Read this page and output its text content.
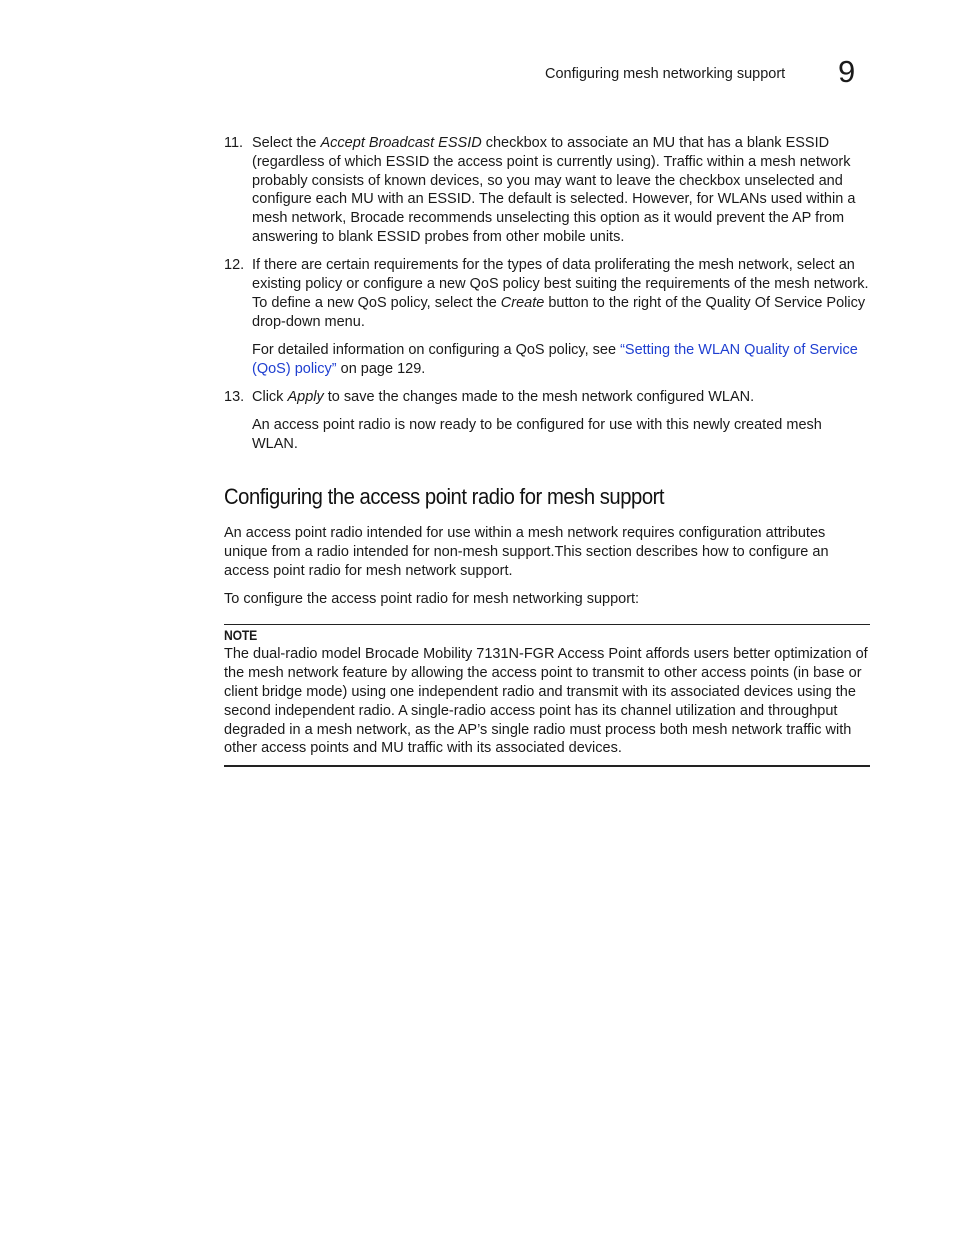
Configuring mesh networking support 9
11. Select the Accept Broadcast ESSID checkbox to associate an MU that has a blank ESSID (regardless of which ESSID the access point is currently using). Traffic within a mesh network probably consists of known devices, so you may want to leave the checkbox unselected and configure each MU with an ESSID. The default is selected. However, for WLANs used within a mesh network, Brocade recommends unselecting this option as it would prevent the AP from answering to blank ESSID probes from other mobile units.
12. If there are certain requirements for the types of data proliferating the mesh network, select an existing policy or configure a new QoS policy best suiting the requirements of the mesh network. To define a new QoS policy, select the Create button to the right of the Quality Of Service Policy drop-down menu.

For detailed information on configuring a QoS policy, see “Setting the WLAN Quality of Service (QoS) policy” on page 129.

13. Click Apply to save the changes made to the mesh network configured WLAN.

An access point radio is now ready to be configured for use with this newly created mesh WLAN.

Configuring the access point radio for mesh support

An access point radio intended for use within a mesh network requires configuration attributes unique from a radio intended for non-mesh support.This section describes how to configure an access point radio for mesh network support.

To configure the access point radio for mesh networking support:

NOTE

The dual-radio model Brocade Mobility 7131N-FGR Access Point affords users better optimization of the mesh network feature by allowing the access point to transmit to other access points (in base or client bridge mode) using one independent radio and transmit with its associated devices using the second independent radio. A single-radio access point has its channel utilization and throughput degraded in a mesh network, as the AP’s single radio must process both mesh network traffic with other access points and MU traffic with its associated devices.
